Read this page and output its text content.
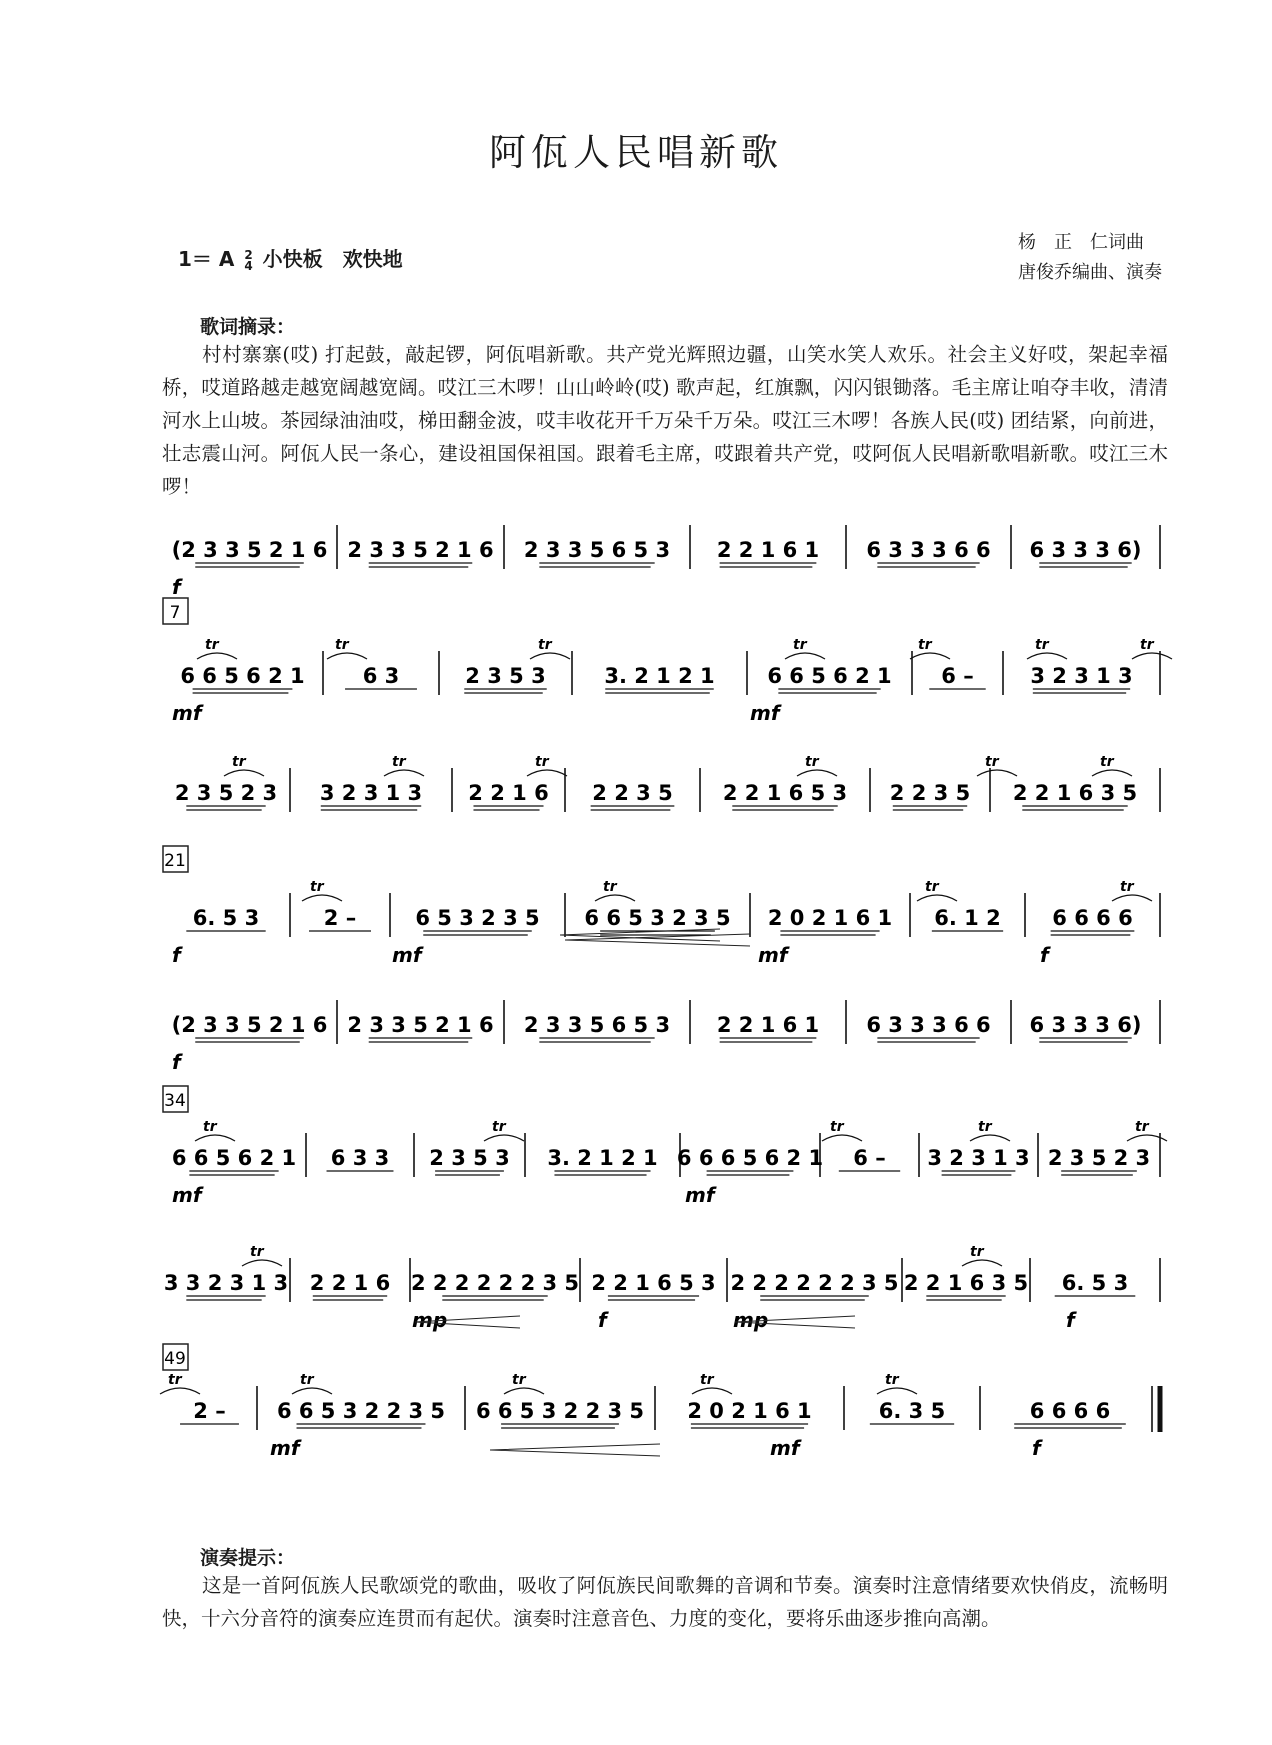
阿佤人民唱新歌
1＝ A 2
4 小快板　欢快地
杨　正　仁词曲
唐俊乔编曲、演奏
歌词摘录：
村村寨寨(哎) 打起鼓，敲起锣，阿佤唱新歌。共产党光辉照边疆，山笑水笑人欢乐。社会主义好哎，架起幸福桥，哎道路越走越宽阔越宽阔。哎江三木啰！山山岭岭(哎) 歌声起，红旗飘，闪闪银锄落。毛主席让咱夺丰收，清清河水上山坡。茶园绿油油哎，梯田翻金波，哎丰收花开千万朵千万朵。哎江三木啰！各族人民(哎) 团结紧，向前进，壮志震山河。阿佤人民一条心，建设祖国保祖国。跟着毛主席，哎跟着共产党，哎阿佤人民唱新歌唱新歌。哎江三木啰！
(2 3 3 5 2 1 6 2 3 3 5 2 1 6 2 3 3 5 6 5 3 2 2 1 6 1 6 3 3 3 6 6 6 3 3 3 6)
f
7
6 6 5 6 2 1	6 3	2 3 5 3	3. 2 1 2 1	6 6 5 6 2 1 6 –	3 2 3 1 3
tr	tr	tr	tr	tr	tr	tr
mf	mf
2 3 5 2 3 3 2 3 1 3 2 2 1 6 2 2 3 5 2 2 1 6 5 3 2 2 3 5 2 2 1 6 3 5
tr	tr	tr	tr	tr	tr
21
6. 5 3	2 –	6 5 3 2 3 5 6 6 5 3 2 3 5 2 0 2 1 6 1 6. 1 2 6 6 6 6
tr	tr	tr	tr
f	mf	mf	f
(2 3 3 5 2 1 6 2 3 3 5 2 1 6 2 3 3 5 6 5 3 2 2 1 6 1 6 3 3 3 6 6 6 3 3 3 6)
f
34
6 6 5 6 2 1 6 3 3 2 3 5 3 3. 2 1 2 1 6 6 6 5 6 2 1 6 – 3 2 3 1 3 2 3 5 2 3
tr	tr	tr	tr	tr
mf	mf
3 3 2 3 1 3 2 2 1 6 2 2 2 2 2 2 3 5 2 2 1 6 5 3 2 2 2 2 2 2 3 5 2 2 1 6 3 5 6. 5 3
tr	tr
mp	f	mp	f
49
2 – 6 6 5 3 2 2 3 5 6 6 5 3 2 2 3 5 2 0 2 1 6 1	6. 3 5	6 6 6 6
tr	tr	tr	tr	tr
mf	mf	f
演奏提示：
这是一首阿佤族人民歌颂党的歌曲，吸收了阿佤族民间歌舞的音调和节奏。演奏时注意情绪要欢快俏皮，流畅明快，十六分音符的演奏应连贯而有起伏。演奏时注意音色、力度的变化，要将乐曲逐步推向高潮。
